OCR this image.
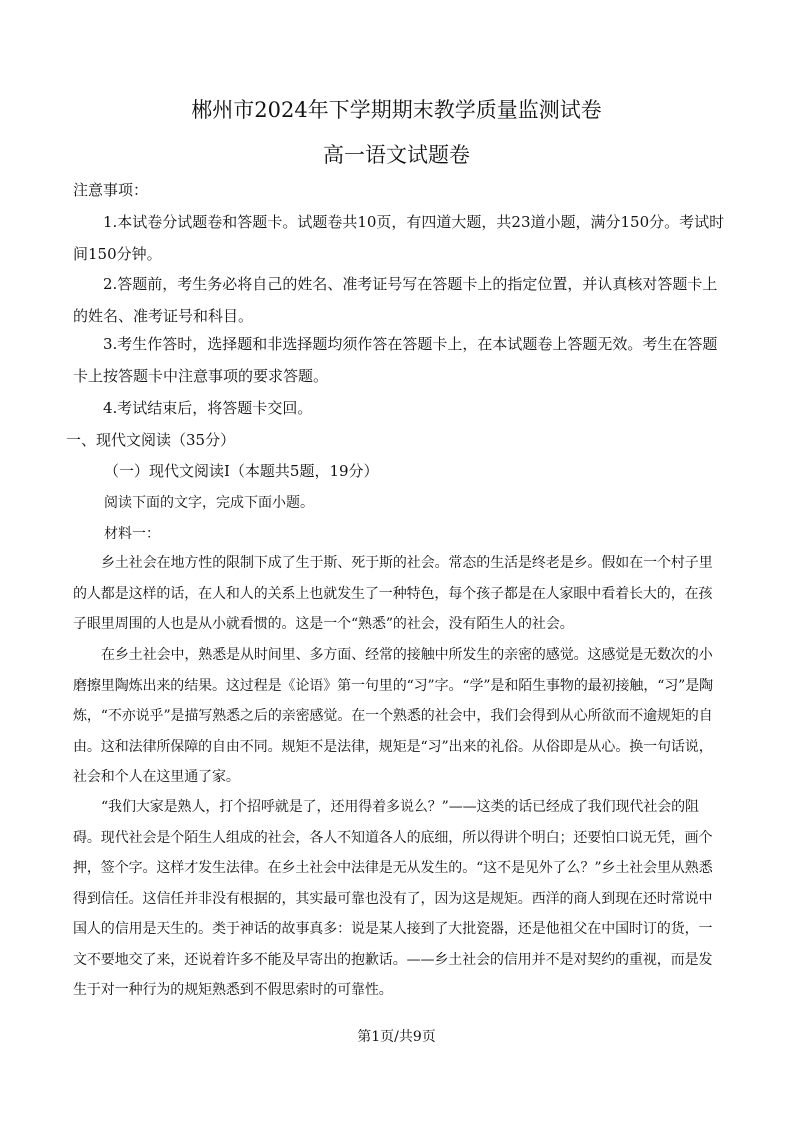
郴州市2024年下学期期末教学质量监测试卷
高一语文试题卷
注意事项：
1.本试卷分试题卷和答题卡。试题卷共10页，有四道大题，共23道小题，满分150分。考试时间150分钟。
2.答题前，考生务必将自己的姓名、准考证号写在答题卡上的指定位置，并认真核对答题卡上的姓名、准考证号和科目。
3.考生作答时，选择题和非选择题均须作答在答题卡上，在本试题卷上答题无效。考生在答题卡上按答题卡中注意事项的要求答题。
4.考试结束后，将答题卡交回。
一、现代文阅读（35分）
（一）现代文阅读Ⅰ（本题共5题，19分）
阅读下面的文字，完成下面小题。
材料一：
乡土社会在地方性的限制下成了生于斯、死于斯的社会。常态的生活是终老是乡。假如在一个村子里的人都是这样的话，在人和人的关系上也就发生了一种特色，每个孩子都是在人家眼中看着长大的，在孩子眼里周围的人也是从小就看惯的。这是一个“熟悉”的社会，没有陌生人的社会。
在乡土社会中，熟悉是从时间里、多方面、经常的接触中所发生的亲密的感觉。这感觉是无数次的小磨擦里陶炼出来的结果。这过程是《论语》第一句里的“习”字。“学”是和陌生事物的最初接触，“习”是陶炼，“不亦说乎”是描写熟悉之后的亲密感觉。在一个熟悉的社会中，我们会得到从心所欲而不逾规矩的自由。这和法律所保障的自由不同。规矩不是法律，规矩是“习”出来的礼俗。从俗即是从心。换一句话说，社会和个人在这里通了家。
“我们大家是熟人，打个招呼就是了，还用得着多说么？”——这类的话已经成了我们现代社会的阻碍。现代社会是个陌生人组成的社会，各人不知道各人的底细，所以得讲个明白；还要怕口说无凭，画个押，签个字。这样才发生法律。在乡土社会中法律是无从发生的。“这不是见外了么？”乡土社会里从熟悉得到信任。这信任并非没有根据的，其实最可靠也没有了，因为这是规矩。西洋的商人到现在还时常说中国人的信用是天生的。类于神话的故事真多：说是某人接到了大批瓷器，还是他祖父在中国时订的货，一文不要地交了来，还说着许多不能及早寄出的抱歉话。——乡土社会的信用并不是对契约的重视，而是发生于对一种行为的规矩熟悉到不假思索时的可靠性。
第1页/共9页
